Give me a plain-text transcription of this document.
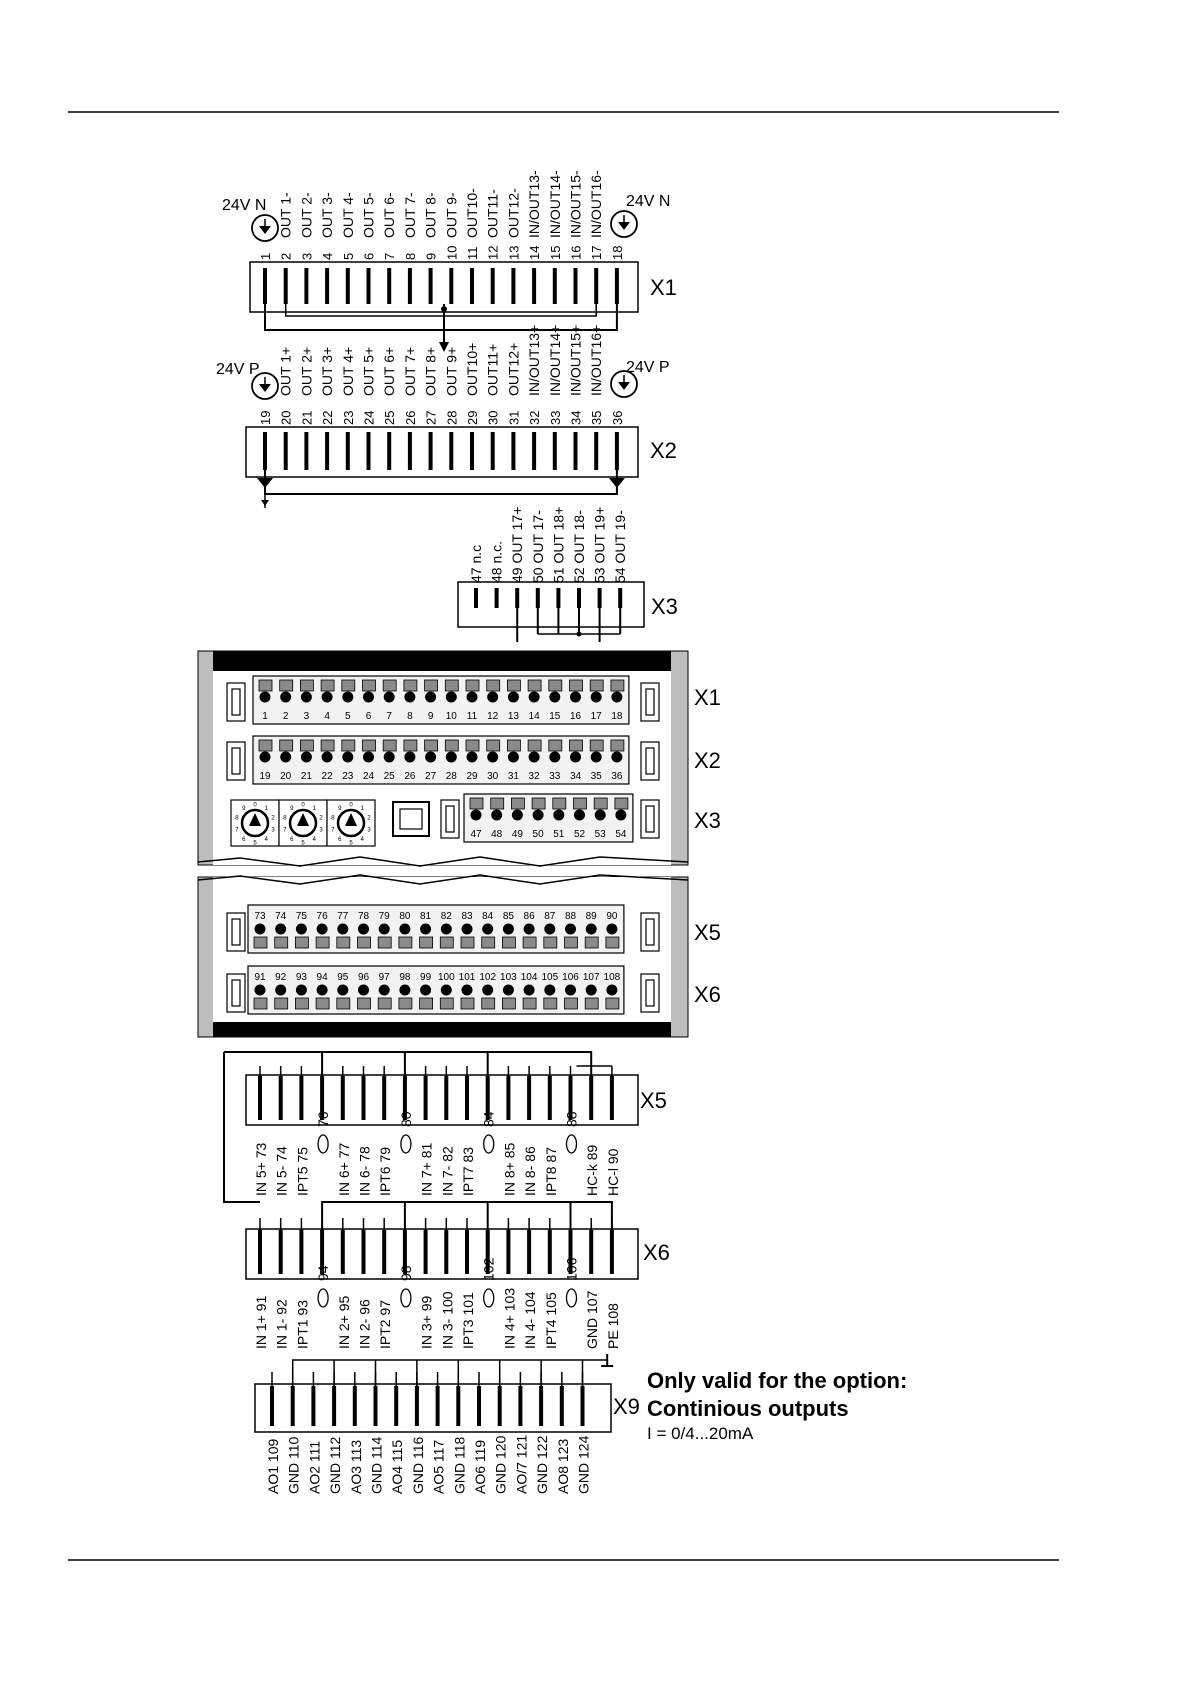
1 2
OUT 1-
3
OUT 2-
4
OUT 3-
5
OUT 4-
6
OUT 5-
7
OUT 6-
8
OUT 7-
9
OUT 8-
10
OUT 9-
11
OUT10-
12
OUT11-
13
OUT12-
14
IN/OUT13-
15
IN/OUT14-
16
IN/OUT15-
17
IN/OUT16-
18
24V N	24V N
X1
19 20
OUT 1+
21
OUT 2+
22
OUT 3+
23
OUT 4+
24
OUT 5+
25
OUT 6+
26
OUT 7+
27
OUT 8+
28
OUT 9+
29
OUT10+
30
OUT11+
31
OUT12+
32
IN/OUT13+
33
IN/OUT14+
34
IN/OUT15+
35
IN/OUT16+
36
24V P	24V P
X2
47 n.c 48 n.c. 49 OUT 17+ 50 OUT 17- 51 OUT 18+ 52 OUT 18- 53 OUT 19+ 54 OUT 19-
X3
1 2 3 4 5 6 7 8 9 10 11 12 13 14 15 16 17 18
19 20 21 22 23 24 25 26 27 28 29 30 31 32 33 34 35 36
47 48 49 50 51 52 53 54
0
1
2
3
4
5
6
7
8
9
0
1
2
3
4
5
6
7
8
9
0
1
2
3
4
5
6
7
8
9
73 74 75 76 77 78 79 80 81 82 83 84 85 86 87 88 89 90
91 92 93 94 95 96 97 98 99 100 101 102 103 104 105 106 107 108
X1
X2
X3
X5
X6
IN 5+ 73 IN 5- 74 IPT5 75
76
IN 6+ 77 IN 6- 78 IPT6 79
80
IN 7+ 81 IN 7- 82 IPT7 83
84
IN 8+ 85 IN 8- 86 IPT8 87
88
HC-k 89 HC-l 90
X5
IN 1+ 91 IN 1- 92 IPT1 93
94
IN 2+ 95 IN 2- 96 IPT2 97
98
IN 3+ 99 IN 3- 100 IPT3 101
102
IN 4+ 103 IN 4- 104 IPT4 105
106
GND 107 PE 108
X6
AO1 109 GND 110 AO2 111 GND 112 AO3 113 GND 114 AO4 115 GND 116 AO5 117 GND 118 AO6 119 GND 120 AO/7 121 GND 122 AO8 123 GND 124
X9
Only valid for the option:
Continious outputs
I = 0/4...20mA
